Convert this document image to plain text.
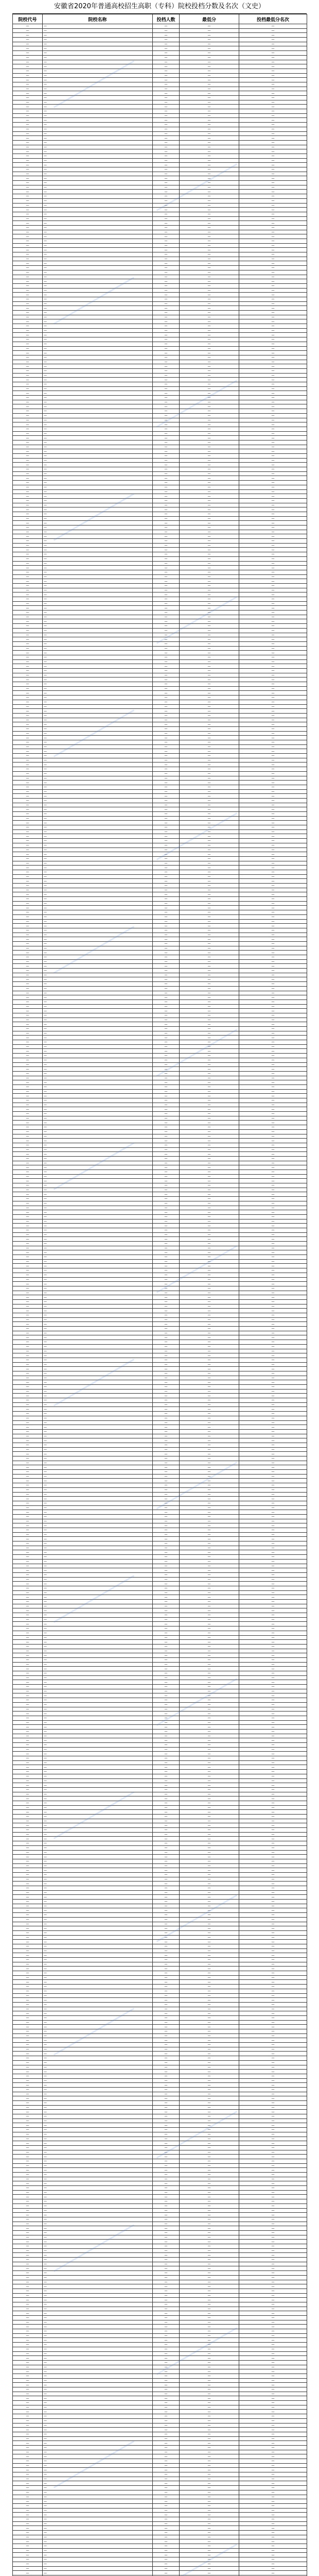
安徽省2020年普通高校招生高职（专科）院校投档分数及名次（文史）
院校代号	院校名称	投档人数	最低分	投档最低分名次
—	—	—	—	—
—	—	—	—	—
—	—	—	—	—
—	—	—	—	—
—	—	—	—	—
—	—	—	—	—
—	—	—	—	—
—	—	—	—	—
—	—	—	—	—
—	—	—	—	—
—	—	—	—	—
—	—	—	—	—
—	—	—	—	—
—	—	—	—	—
—	—	—	—	—
—	—	—	—	—
—	—	—	—	—
—	—	—	—	—
—	—	—	—	—
—	—	—	—	—
—	—	—	—	—
—	—	—	—	—
—	—	—	—	—
—	—	—	—	—
—	—	—	—	—
—	—	—	—	—
—	—	—	—	—
—	—	—	—	—
—	—	—	—	—
—	—	—	—	—
—	—	—	—	—
—	—	—	—	—
—	—	—	—	—
—	—	—	—	—
—	—	—	—	—
—	—	—	—	—
—	—	—	—	—
—	—	—	—	—
—	—	—	—	—
—	—	—	—	—
—	—	—	—	—
—	—	—	—	—
—	—	—	—	—
—	—	—	—	—
—	—	—	—	—
—	—	—	—	—
—	—	—	—	—
—	—	—	—	—
—	—	—	—	—
—	—	—	—	—
—	—	—	—	—
—	—	—	—	—
—	—	—	—	—
—	—	—	—	—
—	—	—	—	—
—	—	—	—	—
—	—	—	—	—
—	—	—	—	—
—	—	—	—	—
—	—	—	—	—
—	—	—	—	—
—	—	—	—	—
—	—	—	—	—
—	—	—	—	—
—	—	—	—	—
—	—	—	—	—
—	—	—	—	—
—	—	—	—	—
—	—	—	—	—
—	—	—	—	—
—	—	—	—	—
—	—	—	—	—
—	—	—	—	—
—	—	—	—	—
—	—	—	—	—
—	—	—	—	—
—	—	—	—	—
—	—	—	—	—
—	—	—	—	—
—	—	—	—	—
—	—	—	—	—
—	—	—	—	—
—	—	—	—	—
—	—	—	—	—
—	—	—	—	—
—	—	—	—	—
—	—	—	—	—
—	—	—	—	—
—	—	—	—	—
—	—	—	—	—
—	—	—	—	—
—	—	—	—	—
—	—	—	—	—
—	—	—	—	—
—	—	—	—	—
—	—	—	—	—
—	—	—	—	—
—	—	—	—	—
—	—	—	—	—
—	—	—	—	—
—	—	—	—	—
—	—	—	—	—
—	—	—	—	—
—	—	—	—	—
—	—	—	—	—
—	—	—	—	—
—	—	—	—	—
—	—	—	—	—
—	—	—	—	—
—	—	—	—	—
—	—	—	—	—
—	—	—	—	—
—	—	—	—	—
—	—	—	—	—
—	—	—	—	—
—	—	—	—	—
—	—	—	—	—
—	—	—	—	—
—	—	—	—	—
—	—	—	—	—
—	—	—	—	—
—	—	—	—	—
—	—	—	—	—
—	—	—	—	—
—	—	—	—	—
—	—	—	—	—
—	—	—	—	—
—	—	—	—	—
—	—	—	—	—
—	—	—	—	—
—	—	—	—	—
—	—	—	—	—
—	—	—	—	—
—	—	—	—	—
—	—	—	—	—
—	—	—	—	—
—	—	—	—	—
—	—	—	—	—
—	—	—	—	—
—	—	—	—	—
—	—	—	—	—
—	—	—	—	—
—	—	—	—	—
—	—	—	—	—
—	—	—	—	—
—	—	—	—	—
—	—	—	—	—
—	—	—	—	—
—	—	—	—	—
—	—	—	—	—
—	—	—	—	—
—	—	—	—	—
—	—	—	—	—
—	—	—	—	—
—	—	—	—	—
—	—	—	—	—
—	—	—	—	—
—	—	—	—	—
—	—	—	—	—
—	—	—	—	—
—	—	—	—	—
—	—	—	—	—
—	—	—	—	—
—	—	—	—	—
—	—	—	—	—
—	—	—	—	—
—	—	—	—	—
—	—	—	—	—
—	—	—	—	—
—	—	—	—	—
—	—	—	—	—
—	—	—	—	—
—	—	—	—	—
—	—	—	—	—
—	—	—	—	—
—	—	—	—	—
—	—	—	—	—
—	—	—	—	—
—	—	—	—	—
—	—	—	—	—
—	—	—	—	—
—	—	—	—	—
—	—	—	—	—
—	—	—	—	—
—	—	—	—	—
—	—	—	—	—
—	—	—	—	—
—	—	—	—	—
—	—	—	—	—
—	—	—	—	—
—	—	—	—	—
—	—	—	—	—
—	—	—	—	—
—	—	—	—	—
—	—	—	—	—
—	—	—	—	—
—	—	—	—	—
—	—	—	—	—
—	—	—	—	—
—	—	—	—	—
—	—	—	—	—
—	—	—	—	—
—	—	—	—	—
—	—	—	—	—
—	—	—	—	—
—	—	—	—	—
—	—	—	—	—
—	—	—	—	—
—	—	—	—	—
—	—	—	—	—
—	—	—	—	—
—	—	—	—	—
—	—	—	—	—
—	—	—	—	—
—	—	—	—	—
—	—	—	—	—
—	—	—	—	—
—	—	—	—	—
—	—	—	—	—
—	—	—	—	—
—	—	—	—	—
—	—	—	—	—
—	—	—	—	—
—	—	—	—	—
—	—	—	—	—
—	—	—	—	—
—	—	—	—	—
—	—	—	—	—
—	—	—	—	—
—	—	—	—	—
—	—	—	—	—
—	—	—	—	—
—	—	—	—	—
—	—	—	—	—
—	—	—	—	—
—	—	—	—	—
—	—	—	—	—
—	—	—	—	—
—	—	—	—	—
—	—	—	—	—
—	—	—	—	—
—	—	—	—	—
—	—	—	—	—
—	—	—	—	—
—	—	—	—	—
—	—	—	—	—
—	—	—	—	—
—	—	—	—	—
—	—	—	—	—
—	—	—	—	—
—	—	—	—	—
—	—	—	—	—
—	—	—	—	—
—	—	—	—	—
—	—	—	—	—
—	—	—	—	—
—	—	—	—	—
—	—	—	—	—
—	—	—	—	—
—	—	—	—	—
—	—	—	—	—
—	—	—	—	—
—	—	—	—	—
—	—	—	—	—
—	—	—	—	—
—	—	—	—	—
—	—	—	—	—
—	—	—	—	—
—	—	—	—	—
—	—	—	—	—
—	—	—	—	—
—	—	—	—	—
—	—	—	—	—
—	—	—	—	—
—	—	—	—	—
—	—	—	—	—
—	—	—	—	—
—	—	—	—	—
—	—	—	—	—
—	—	—	—	—
—	—	—	—	—
—	—	—	—	—
—	—	—	—	—
—	—	—	—	—
—	—	—	—	—
—	—	—	—	—
—	—	—	—	—
—	—	—	—	—
—	—	—	—	—
—	—	—	—	—
—	—	—	—	—
—	—	—	—	—
—	—	—	—	—
—	—	—	—	—
—	—	—	—	—
—	—	—	—	—
—	—	—	—	—
—	—	—	—	—
—	—	—	—	—
—	—	—	—	—
—	—	—	—	—
—	—	—	—	—
—	—	—	—	—
—	—	—	—	—
—	—	—	—	—
—	—	—	—	—
—	—	—	—	—
—	—	—	—	—
—	—	—	—	—
—	—	—	—	—
—	—	—	—	—
—	—	—	—	—
—	—	—	—	—
—	—	—	—	—
—	—	—	—	—
—	—	—	—	—
—	—	—	—	—
—	—	—	—	—
—	—	—	—	—
—	—	—	—	—
—	—	—	—	—
—	—	—	—	—
—	—	—	—	—
—	—	—	—	—
—	—	—	—	—
—	—	—	—	—
—	—	—	—	—
—	—	—	—	—
—	—	—	—	—
—	—	—	—	—
—	—	—	—	—
—	—	—	—	—
—	—	—	—	—
—	—	—	—	—
—	—	—	—	—
—	—	—	—	—
—	—	—	—	—
—	—	—	—	—
—	—	—	—	—
—	—	—	—	—
—	—	—	—	—
—	—	—	—	—
—	—	—	—	—
—	—	—	—	—
—	—	—	—	—
—	—	—	—	—
—	—	—	—	—
—	—	—	—	—
—	—	—	—	—
—	—	—	—	—
—	—	—	—	—
—	—	—	—	—
—	—	—	—	—
—	—	—	—	—
—	—	—	—	—
—	—	—	—	—
—	—	—	—	—
—	—	—	—	—
—	—	—	—	—
—	—	—	—	—
—	—	—	—	—
—	—	—	—	—
—	—	—	—	—
—	—	—	—	—
—	—	—	—	—
—	—	—	—	—
—	—	—	—	—
—	—	—	—	—
—	—	—	—	—
—	—	—	—	—
—	—	—	—	—
—	—	—	—	—
—	—	—	—	—
—	—	—	—	—
—	—	—	—	—
—	—	—	—	—
—	—	—	—	—
—	—	—	—	—
—	—	—	—	—
—	—	—	—	—
—	—	—	—	—
—	—	—	—	—
—	—	—	—	—
—	—	—	—	—
—	—	—	—	—
—	—	—	—	—
—	—	—	—	—
—	—	—	—	—
—	—	—	—	—
—	—	—	—	—
—	—	—	—	—
—	—	—	—	—
—	—	—	—	—
—	—	—	—	—
—	—	—	—	—
—	—	—	—	—
—	—	—	—	—
—	—	—	—	—
—	—	—	—	—
—	—	—	—	—
—	—	—	—	—
—	—	—	—	—
—	—	—	—	—
—	—	—	—	—
—	—	—	—	—
—	—	—	—	—
—	—	—	—	—
—	—	—	—	—
—	—	—	—	—
—	—	—	—	—
—	—	—	—	—
—	—	—	—	—
—	—	—	—	—
—	—	—	—	—
—	—	—	—	—
—	—	—	—	—
—	—	—	—	—
—	—	—	—	—
—	—	—	—	—
—	—	—	—	—
—	—	—	—	—
—	—	—	—	—
—	—	—	—	—
—	—	—	—	—
—	—	—	—	—
—	—	—	—	—
—	—	—	—	—
—	—	—	—	—
—	—	—	—	—
—	—	—	—	—
—	—	—	—	—
—	—	—	—	—
—	—	—	—	—
—	—	—	—	—
—	—	—	—	—
—	—	—	—	—
—	—	—	—	—
—	—	—	—	—
—	—	—	—	—
—	—	—	—	—
—	—	—	—	—
—	—	—	—	—
—	—	—	—	—
—	—	—	—	—
—	—	—	—	—
—	—	—	—	—
—	—	—	—	—
—	—	—	—	—
—	—	—	—	—
—	—	—	—	—
—	—	—	—	—
—	—	—	—	—
—	—	—	—	—
—	—	—	—	—
—	—	—	—	—
—	—	—	—	—
—	—	—	—	—
—	—	—	—	—
—	—	—	—	—
—	—	—	—	—
—	—	—	—	—
—	—	—	—	—
—	—	—	—	—
—	—	—	—	—
—	—	—	—	—
—	—	—	—	—
—	—	—	—	—
—	—	—	—	—
—	—	—	—	—
—	—	—	—	—
—	—	—	—	—
—	—	—	—	—
—	—	—	—	—
—	—	—	—	—
—	—	—	—	—
—	—	—	—	—
—	—	—	—	—
—	—	—	—	—
—	—	—	—	—
—	—	—	—	—
—	—	—	—	—
—	—	—	—	—
—	—	—	—	—
—	—	—	—	—
—	—	—	—	—
—	—	—	—	—
—	—	—	—	—
—	—	—	—	—
—	—	—	—	—
—	—	—	—	—
—	—	—	—	—
—	—	—	—	—
—	—	—	—	—
—	—	—	—	—
—	—	—	—	—
—	—	—	—	—
—	—	—	—	—
—	—	—	—	—
—	—	—	—	—
—	—	—	—	—
—	—	—	—	—
—	—	—	—	—
—	—	—	—	—
—	—	—	—	—
—	—	—	—	—
—	—	—	—	—
—	—	—	—	—
—	—	—	—	—
—	—	—	—	—
—	—	—	—	—
—	—	—	—	—
—	—	—	—	—
—	—	—	—	—
—	—	—	—	—
—	—	—	—	—
—	—	—	—	—
—	—	—	—	—
—	—	—	—	—
—	—	—	—	—
—	—	—	—	—
—	—	—	—	—
—	—	—	—	—
—	—	—	—	—
—	—	—	—	—
—	—	—	—	—
—	—	—	—	—
—	—	—	—	—
—	—	—	—	—
—	—	—	—	—
—	—	—	—	—
—	—	—	—	—
—	—	—	—	—
—	—	—	—	—
—	—	—	—	—
—	—	—	—	—
—	—	—	—	—
—	—	—	—	—
—	—	—	—	—
—	—	—	—	—
—	—	—	—	—
—	—	—	—	—
—	—	—	—	—
—	—	—	—	—
—	—	—	—	—
—	—	—	—	—
—	—	—	—	—
—	—	—	—	—
—	—	—	—	—
—	—	—	—	—
—	—	—	—	—
—	—	—	—	—
—	—	—	—	—
—	—	—	—	—
—	—	—	—	—
—	—	—	—	—
—	—	—	—	—
—	—	—	—	—
—	—	—	—	—
—	—	—	—	—
—	—	—	—	—
—	—	—	—	—
—	—	—	—	—
—	—	—	—	—
—	—	—	—	—
—	—	—	—	—
—	—	—	—	—
—	—	—	—	—
—	—	—	—	—
—	—	—	—	—
—	—	—	—	—
